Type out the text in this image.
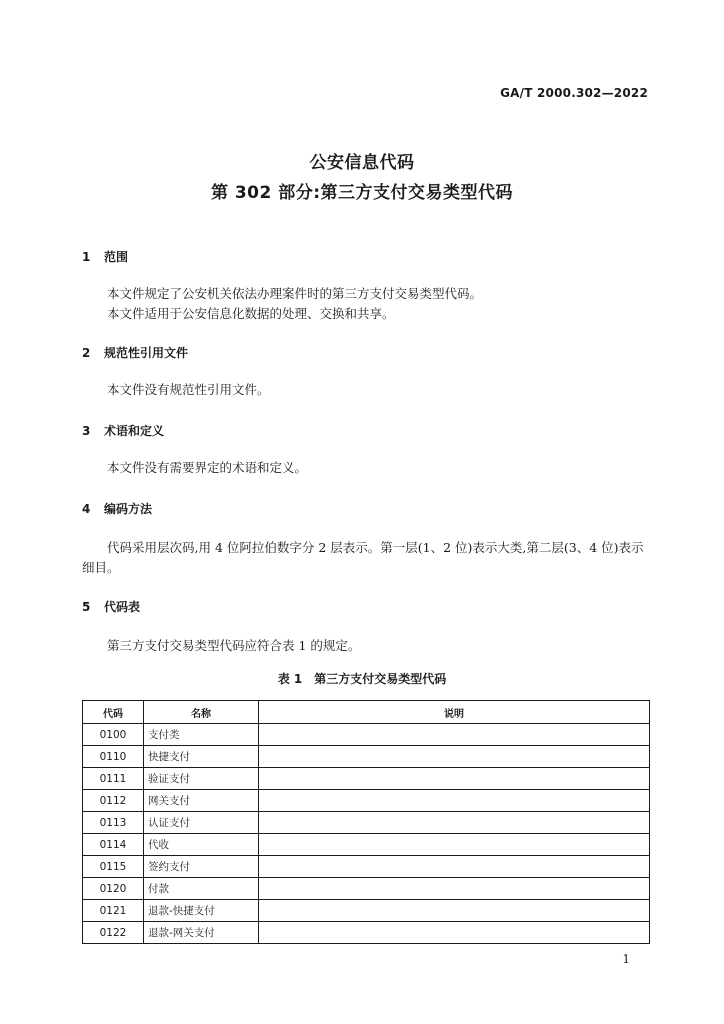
GA/T 2000.302—2022
公安信息代码
第 302 部分:第三方支付交易类型代码
1 范围
本文件规定了公安机关依法办理案件时的第三方支付交易类型代码。
本文件适用于公安信息化数据的处理、交换和共享。
2 规范性引用文件
本文件没有规范性引用文件。
3 术语和定义
本文件没有需要界定的术语和定义。
4 编码方法
代码采用层次码,用 4 位阿拉伯数字分 2 层表示。第一层(1、2 位)表示大类,第二层(3、4 位)表示细目。
5 代码表
第三方支付交易类型代码应符合表 1 的规定。
表 1　第三方支付交易类型代码
代码	名称	说明
0100	支付类	
0110	快捷支付	
0111	验证支付	
0112	网关支付	
0113	认证支付	
0114	代收	
0115	签约支付	
0120	付款	
0121	退款-快捷支付	
0122	退款-网关支付	
1
